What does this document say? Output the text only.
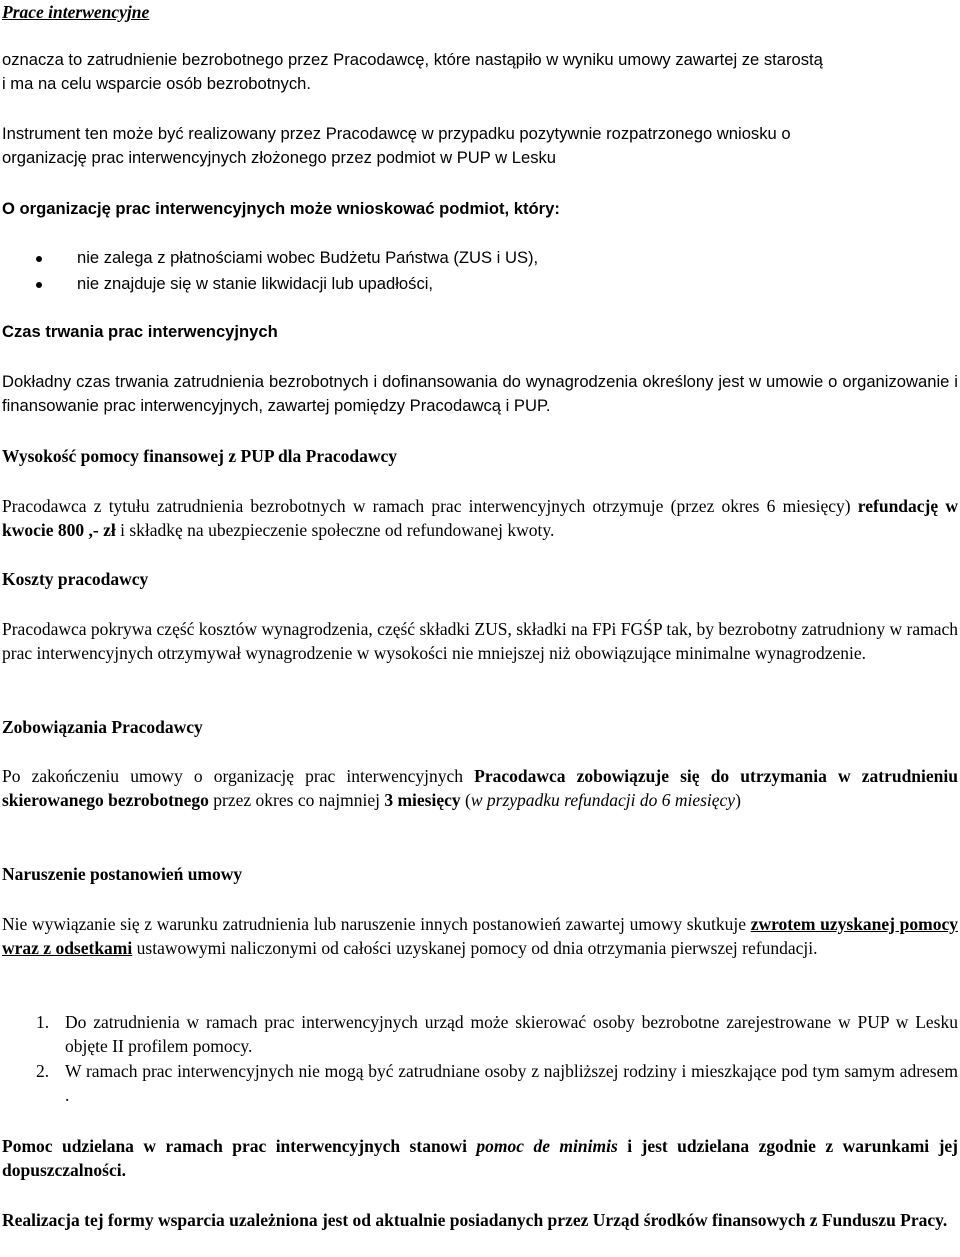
Prace interwencyjne

oznacza to zatrudnienie bezrobotnego przez Pracodawcę, które nastąpiło w wyniku umowy zawartej ze starostą
i ma na celu wsparcie osób bezrobotnych.
Instrument ten może być realizowany przez Pracodawcę w przypadku pozytywnie rozpatrzonego wniosku o
organizację prac interwencyjnych złożonego przez podmiot w PUP w Lesku

O organizację prac interwencyjnych może wnioskować podmiot, który:

nie zalega z płatnościami wobec Budżetu Państwa (ZUS i US),
nie znajduje się w stanie likwidacji lub upadłości,

Czas trwania prac interwencyjnych

Dokładny czas trwania zatrudnienia bezrobotnych i dofinansowania do wynagrodzenia określony jest w umowie o organizowanie i finansowanie prac interwencyjnych, zawartej pomiędzy Pracodawcą i PUP.

Wysokość pomocy finansowej z PUP dla Pracodawcy

Pracodawca z tytułu zatrudnienia bezrobotnych w ramach prac interwencyjnych otrzymuje (przez okres 6 miesięcy) refundację w kwocie 800 ,- zł i składkę na ubezpieczenie społeczne od refundowanej kwoty.

Koszty pracodawcy

Pracodawca pokrywa część kosztów wynagrodzenia, część składki ZUS, składki na FPi FGŚP tak, by bezrobotny zatrudniony w ramach prac interwencyjnych otrzymywał wynagrodzenie w wysokości nie mniejszej niż obowiązujące minimalne wynagrodzenie.

Zobowiązania Pracodawcy

Po zakończeniu umowy o organizację prac interwencyjnych Pracodawca zobowiązuje się do utrzymania w zatrudnieniu skierowanego bezrobotnego przez okres co najmniej 3 miesięcy (w przypadku refundacji do 6 miesięcy)

Naruszenie postanowień umowy

Nie wywiązanie się z warunku zatrudnienia lub naruszenie innych postanowień zawartej umowy skutkuje zwrotem uzyskanej pomocy wraz z odsetkami ustawowymi naliczonymi od całości uzyskanej pomocy od dnia otrzymania pierwszej refundacji.

1. Do zatrudnienia w ramach prac interwencyjnych urząd może skierować osoby bezrobotne zarejestrowane w PUP w Lesku objęte II profilem pomocy.
2. W ramach prac interwencyjnych nie mogą być zatrudniane osoby z najbliższej rodziny i mieszkające pod tym samym adresem .

Pomoc udzielana w ramach prac interwencyjnych stanowi pomoc de minimis i jest udzielana zgodnie z warunkami jej dopuszczalności.

Realizacja tej formy wsparcia uzależniona jest od aktualnie posiadanych przez Urząd środków finansowych z Funduszu Pracy.
